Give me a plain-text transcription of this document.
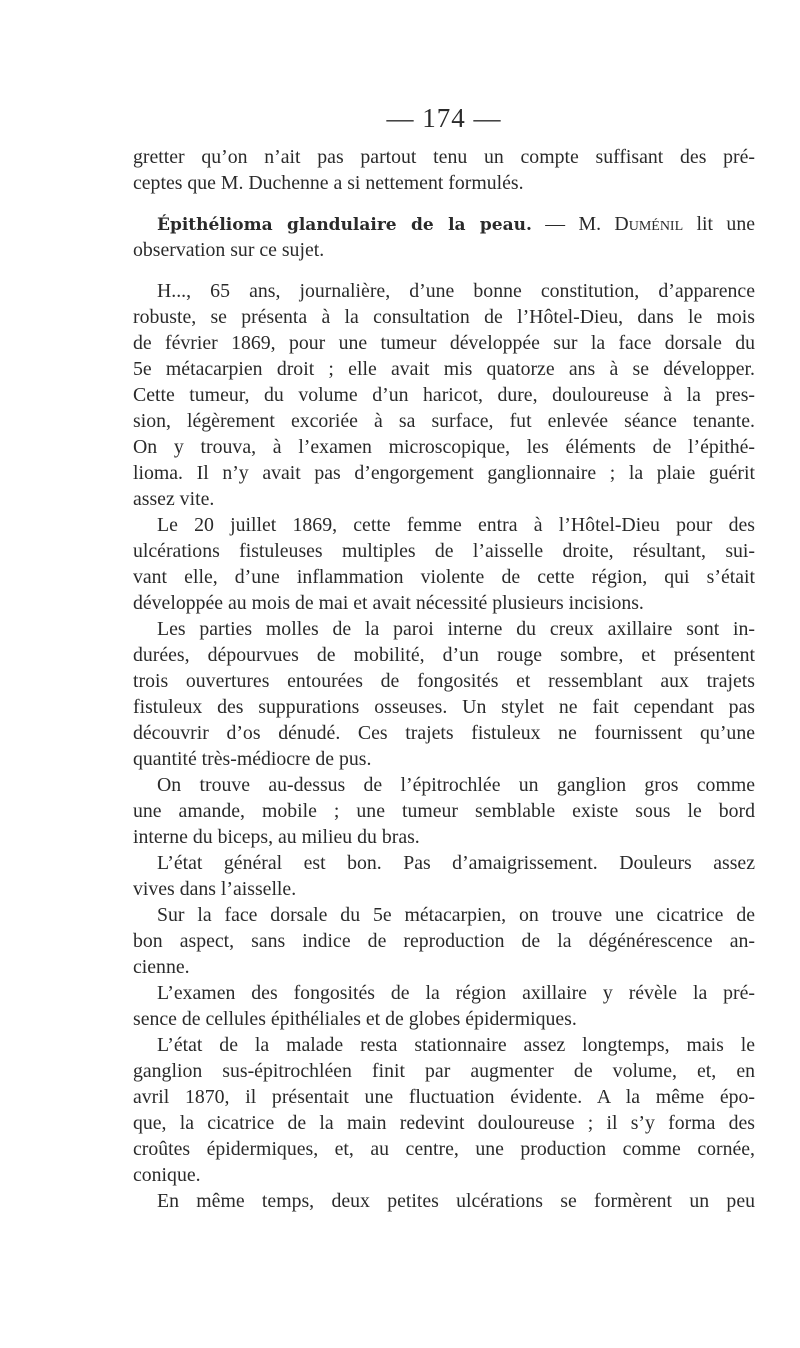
— 174 —
gretter qu’on n’ait pas partout tenu un compte suffisant des pré-
ceptes que M. Duchenne a si nettement formulés.
Épithélioma glandulaire de la peau. — M. Duménil lit une
observation sur ce sujet.
H..., 65 ans, journalière, d’une bonne constitution, d’apparence
robuste, se présenta à la consultation de l’Hôtel-Dieu, dans le mois
de février 1869, pour une tumeur développée sur la face dorsale du
5e métacarpien droit ; elle avait mis quatorze ans à se développer.
Cette tumeur, du volume d’un haricot, dure, douloureuse à la pres-
sion, légèrement excoriée à sa surface, fut enlevée séance tenante.
On y trouva, à l’examen microscopique, les éléments de l’épithé-
lioma. Il n’y avait pas d’engorgement ganglionnaire ; la plaie guérit
assez vite.
Le 20 juillet 1869, cette femme entra à l’Hôtel-Dieu pour des
ulcérations fistuleuses multiples de l’aisselle droite, résultant, sui-
vant elle, d’une inflammation violente de cette région, qui s’était
développée au mois de mai et avait nécessité plusieurs incisions.
Les parties molles de la paroi interne du creux axillaire sont in-
durées, dépourvues de mobilité, d’un rouge sombre, et présentent
trois ouvertures entourées de fongosités et ressemblant aux trajets
fistuleux des suppurations osseuses. Un stylet ne fait cependant pas
découvrir d’os dénudé. Ces trajets fistuleux ne fournissent qu’une
quantité très-médiocre de pus.
On trouve au-dessus de l’épitrochlée un ganglion gros comme
une amande, mobile ; une tumeur semblable existe sous le bord
interne du biceps, au milieu du bras.
L’état général est bon. Pas d’amaigrissement. Douleurs assez
vives dans l’aisselle.
Sur la face dorsale du 5e métacarpien, on trouve une cicatrice de
bon aspect, sans indice de reproduction de la dégénérescence an-
cienne.
L’examen des fongosités de la région axillaire y révèle la pré-
sence de cellules épithéliales et de globes épidermiques.
L’état de la malade resta stationnaire assez longtemps, mais le
ganglion sus-épitrochléen finit par augmenter de volume, et, en
avril 1870, il présentait une fluctuation évidente. A la même épo-
que, la cicatrice de la main redevint douloureuse ; il s’y forma des
croûtes épidermiques, et, au centre, une production comme cornée,
conique.
En même temps, deux petites ulcérations se formèrent un peu
